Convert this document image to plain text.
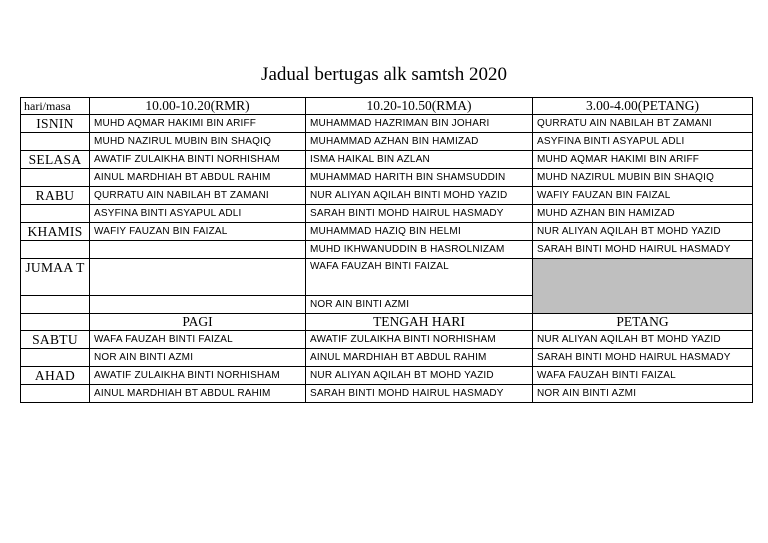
Jadual bertugas alk samtsh 2020
hari/masa	10.00-10.20(RMR)	10.20-10.50(RMA)	3.00-4.00(PETANG)
ISNIN	MUHD AQMAR HAKIMI BIN ARIFF	MUHAMMAD HAZRIMAN BIN JOHARI	QURRATU AIN NABILAH BT ZAMANI
	MUHD NAZIRUL MUBIN BIN SHAQIQ	MUHAMMAD AZHAN BIN HAMIZAD	ASYFINA BINTI ASYAPUL ADLI
SELASA	AWATIF ZULAIKHA BINTI NORHISHAM	ISMA HAIKAL BIN AZLAN	MUHD AQMAR HAKIMI BIN ARIFF
	AINUL MARDHIAH BT ABDUL RAHIM	MUHAMMAD HARITH BIN SHAMSUDDIN	MUHD NAZIRUL MUBIN BIN SHAQIQ
RABU	QURRATU AIN NABILAH BT ZAMANI	NUR ALIYAN AQILAH BINTI MOHD YAZID	WAFIY FAUZAN BIN FAIZAL
	ASYFINA BINTI ASYAPUL ADLI	SARAH BINTI MOHD HAIRUL HASMADY	MUHD AZHAN BIN HAMIZAD
KHAMIS	WAFIY FAUZAN BIN FAIZAL	MUHAMMAD HAZIQ BIN HELMI	NUR ALIYAN AQILAH BT MOHD YAZID
		MUHD IKHWANUDDIN B HASROLNIZAM	SARAH BINTI MOHD HAIRUL HASMADY
JUMAA T		WAFA FAUZAH BINTI FAIZAL	
		NOR AIN BINTI AZMI	
	PAGI	TENGAH HARI	PETANG
SABTU	WAFA FAUZAH BINTI FAIZAL	AWATIF ZULAIKHA BINTI NORHISHAM	NUR ALIYAN AQILAH BT MOHD YAZID
	NOR AIN BINTI AZMI	AINUL MARDHIAH BT ABDUL RAHIM	SARAH BINTI MOHD HAIRUL HASMADY
AHAD	AWATIF ZULAIKHA BINTI NORHISHAM	NUR ALIYAN AQILAH BT MOHD YAZID	WAFA FAUZAH BINTI FAIZAL
	AINUL MARDHIAH BT ABDUL RAHIM	SARAH BINTI MOHD HAIRUL HASMADY	NOR AIN BINTI AZMI
